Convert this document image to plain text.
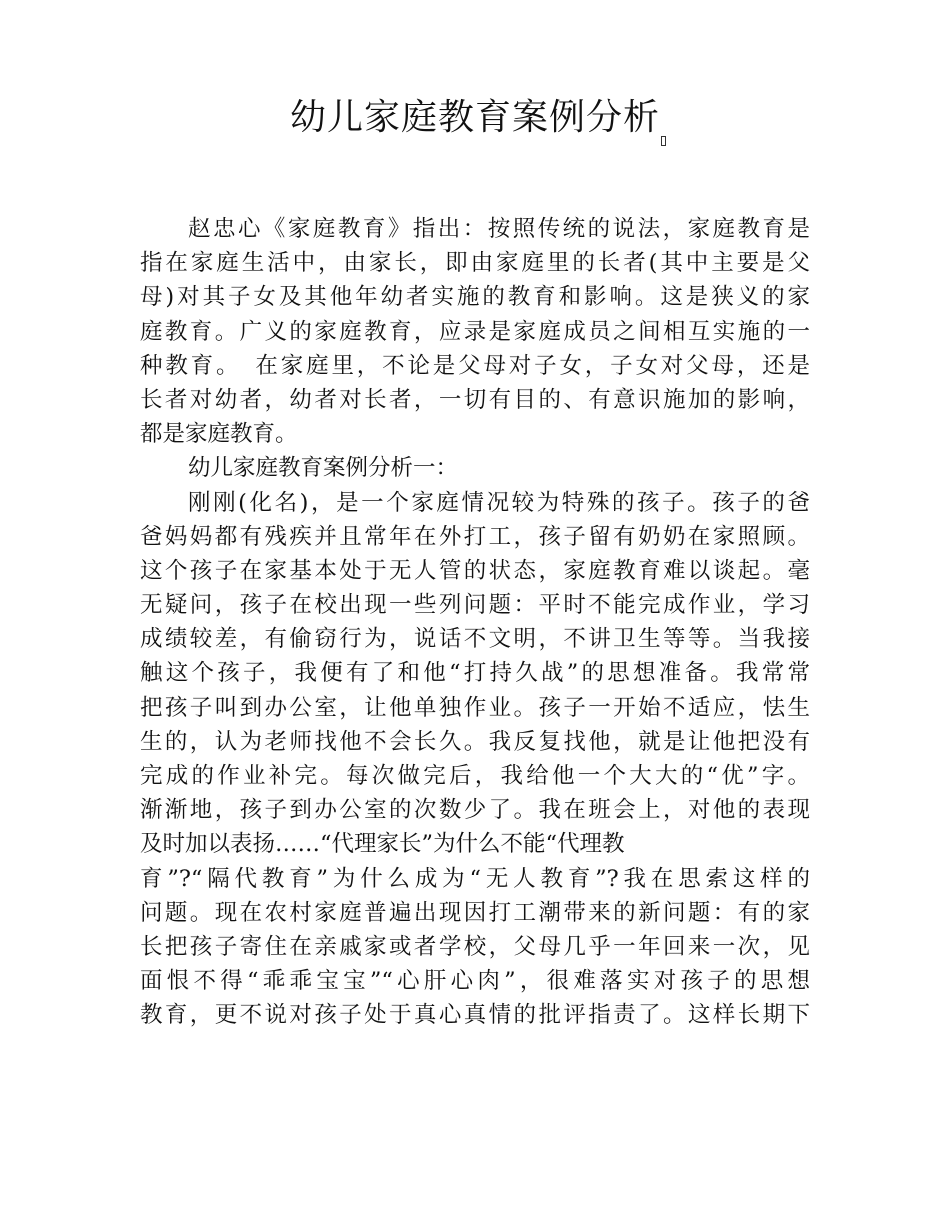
幼儿家庭教育案例分析
赵忠心《家庭教育》指出：按照传统的说法，家庭教育是
指在家庭生活中，由家长，即由家庭里的长者(其中主要是父
母)对其子女及其他年幼者实施的教育和影响。这是狭义的家
庭教育。广义的家庭教育，应录是家庭成员之间相互实施的一
种教育。　在家庭里，不论是父母对子女，子女对父母，还是
长者对幼者，幼者对长者，一切有目的、有意识施加的影响，
都是家庭教育。
幼儿家庭教育案例分析一：
刚刚(化名)，是一个家庭情况较为特殊的孩子。孩子的爸
爸妈妈都有残疾并且常年在外打工，孩子留有奶奶在家照顾。
这个孩子在家基本处于无人管的状态，家庭教育难以谈起。毫
无疑问，孩子在校出现一些列问题：平时不能完成作业，学习
成绩较差，有偷窃行为，说话不文明，不讲卫生等等。当我接
触这个孩子，我便有了和他“打持久战”的思想准备。我常常
把孩子叫到办公室，让他单独作业。孩子一开始不适应，怯生
生的，认为老师找他不会长久。我反复找他，就是让他把没有
完成的作业补完。每次做完后，我给他一个大大的“优”字。
渐渐地，孩子到办公室的次数少了。我在班会上，对他的表现
及时加以表扬……“代理家长”为什么不能“代理教
育”?“隔代教育”为什么成为“无人教育”?我在思索这样的
问题。现在农村家庭普遍出现因打工潮带来的新问题：有的家
长把孩子寄住在亲戚家或者学校，父母几乎一年回来一次，见
面恨不得“乖乖宝宝”“心肝心肉”，很难落实对孩子的思想
教育，更不说对孩子处于真心真情的批评指责了。这样长期下
